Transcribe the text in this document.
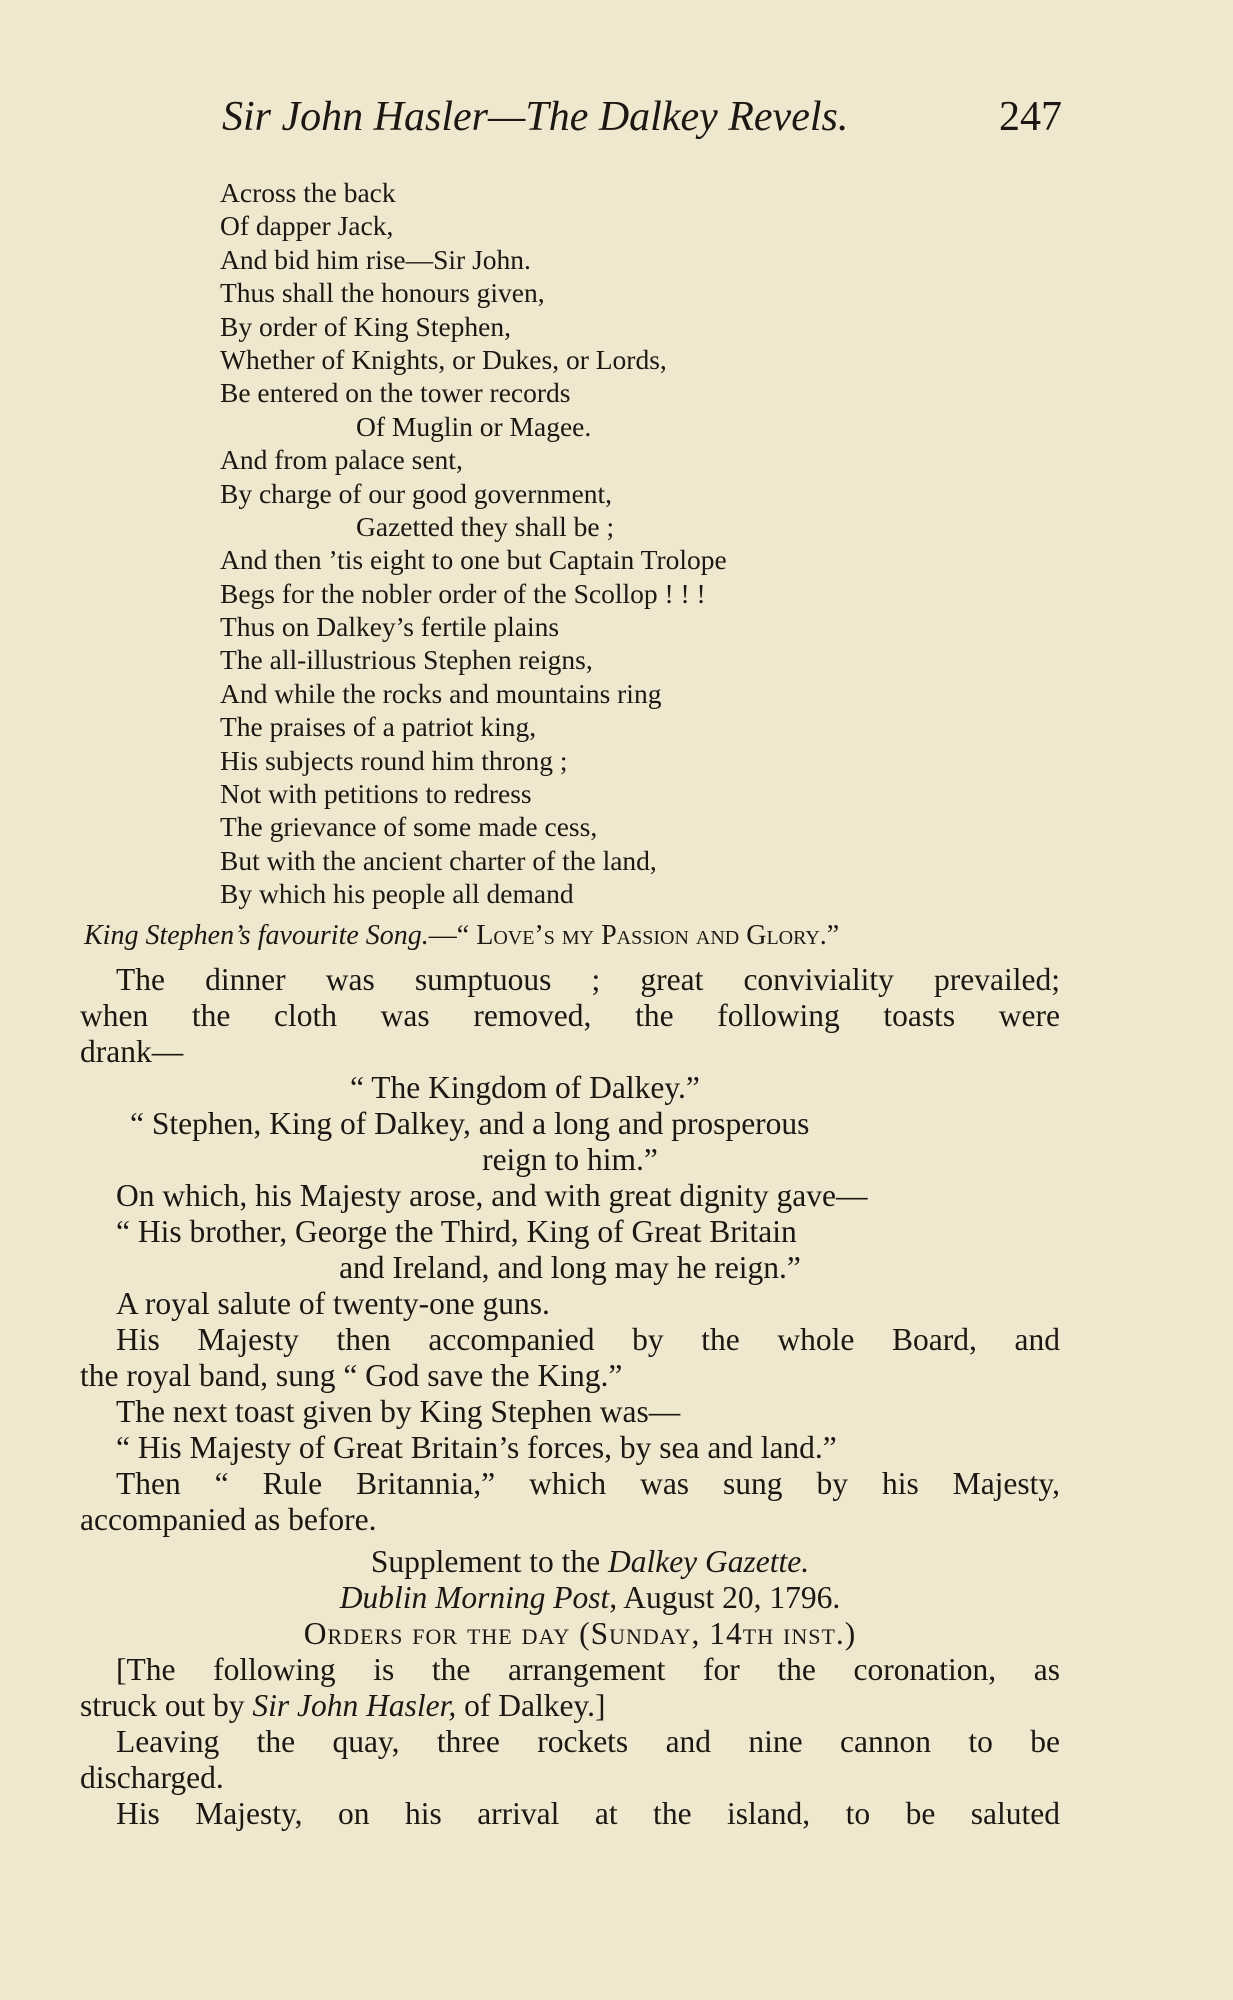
Sir John Hasler—The Dalkey Revels.	247
Across the back
Of dapper Jack,
And bid him rise—Sir John.
Thus shall the honours given,
By order of King Stephen,
Whether of Knights, or Dukes, or Lords,
Be entered on the tower records
Of Muglin or Magee.
And from palace sent,
By charge of our good government,
Gazetted they shall be ;
And then ’tis eight to one but Captain Trolope
Begs for the nobler order of the Scollop ! ! !
Thus on Dalkey’s fertile plains
The all-illustrious Stephen reigns,
And while the rocks and mountains ring
The praises of a patriot king,
His subjects round him throng ;
Not with petitions to redress
The grievance of some made cess,
But with the ancient charter of the land,
By which his people all demand
King Stephen’s favourite Song.—“ Love’s my Passion and Glory.”
The dinner was sumptuous ; great conviviality prevailed;
when the cloth was removed, the following toasts were
drank—
“ The Kingdom of Dalkey.”
“ Stephen, King of Dalkey, and a long and prosperous
reign to him.”
On which, his Majesty arose, and with great dignity gave—
“ His brother, George the Third, King of Great Britain
and Ireland, and long may he reign.”
A royal salute of twenty-one guns.
His Majesty then accompanied by the whole Board, and
the royal band, sung “ God save the King.”
The next toast given by King Stephen was—
“ His Majesty of Great Britain’s forces, by sea and land.”
Then “ Rule Britannia,” which was sung by his Majesty,
accompanied as before.
Supplement to the Dalkey Gazette.
Dublin Morning Post, August 20, 1796.
Orders for the day (Sunday, 14th inst.)
[The following is the arrangement for the coronation, as
struck out by Sir John Hasler, of Dalkey.]
Leaving the quay, three rockets and nine cannon to be
discharged.
His Majesty, on his arrival at the island, to be saluted
